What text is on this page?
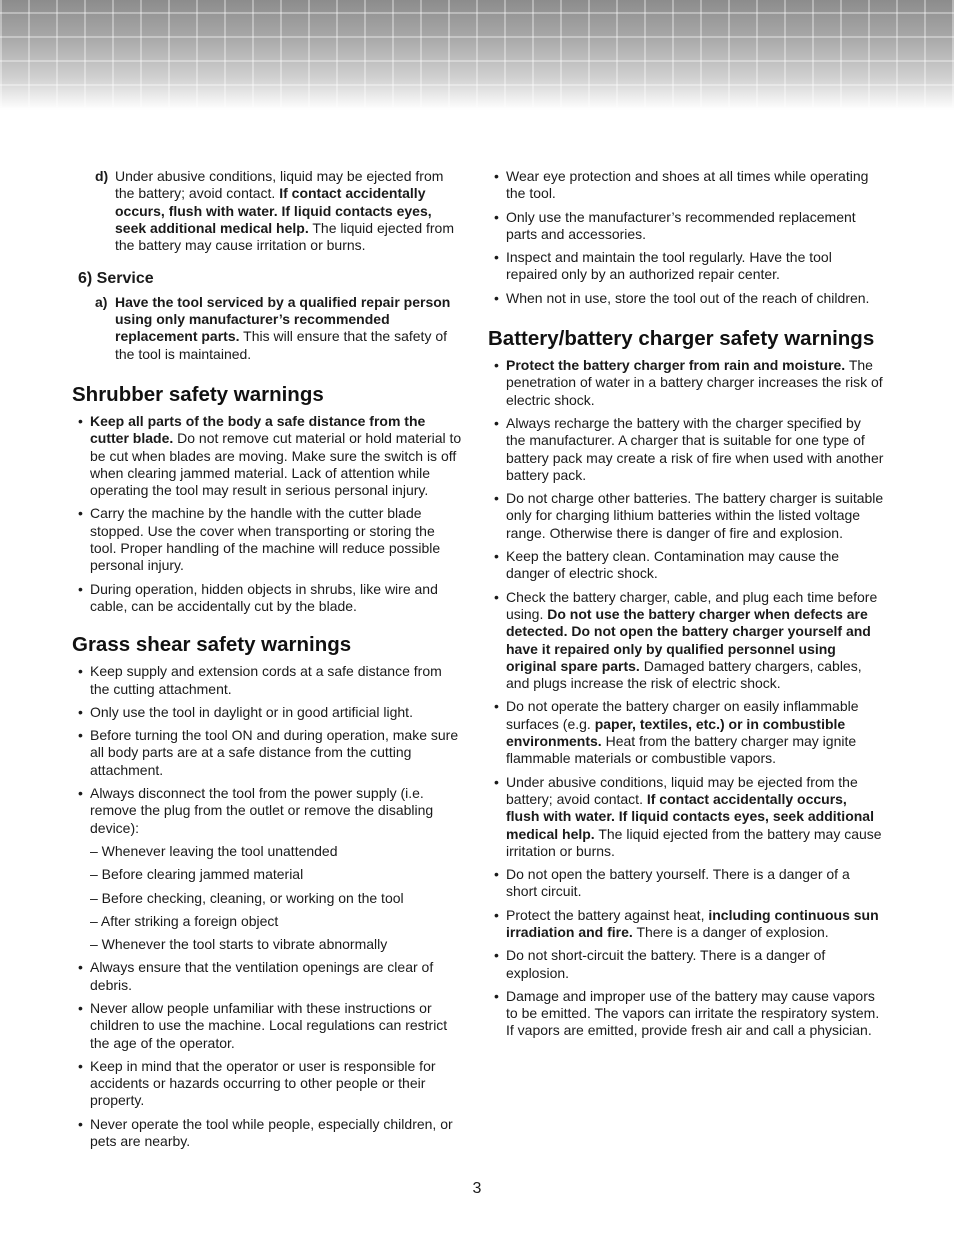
d) Under abusive conditions, liquid may be ejected from the battery; avoid contact. If contact accidentally occurs, flush with water. If liquid contacts eyes, seek additional medical help. The liquid ejected from the battery may cause irritation or burns.
6) Service
a) Have the tool serviced by a qualified repair person using only manufacturer’s recommended replacement parts. This will ensure that the safety of the tool is maintained.
Shrubber safety warnings
• Keep all parts of the body a safe distance from the cutter blade. Do not remove cut material or hold material to be cut when blades are moving. Make sure the switch is off when clearing jammed material. Lack of attention while operating the tool may result in serious personal injury.
• Carry the machine by the handle with the cutter blade stopped. Use the cover when transporting or storing the tool. Proper handling of the machine will reduce possible personal injury.
• During operation, hidden objects in shrubs, like wire and cable, can be accidentally cut by the blade.
Grass shear safety warnings
• Keep supply and extension cords at a safe distance from the cutting attachment.
• Only use the tool in daylight or in good artificial light.
• Before turning the tool ON and during operation, make sure all body parts are at a safe distance from the cutting attachment.
• Always disconnect the tool from the power supply (i.e. remove the plug from the outlet or remove the disabling device):
– Whenever leaving the tool unattended
– Before clearing jammed material
– Before checking, cleaning, or working on the tool
– After striking a foreign object
– Whenever the tool starts to vibrate abnormally
• Always ensure that the ventilation openings are clear of debris.
• Never allow people unfamiliar with these instructions or children to use the machine. Local regulations can restrict the age of the operator.
• Keep in mind that the operator or user is responsible for accidents or hazards occurring to other people or their property.
• Never operate the tool while people, especially children, or pets are nearby.
• Wear eye protection and shoes at all times while operating the tool.
• Only use the manufacturer’s recommended replacement parts and accessories.
• Inspect and maintain the tool regularly. Have the tool repaired only by an authorized repair center.
• When not in use, store the tool out of the reach of children.
Battery/battery charger safety warnings
• Protect the battery charger from rain and moisture. The penetration of water in a battery charger increases the risk of electric shock.
• Always recharge the battery with the charger specified by the manufacturer. A charger that is suitable for one type of battery pack may create a risk of fire when used with another battery pack.
• Do not charge other batteries. The battery charger is suitable only for charging lithium batteries within the listed voltage range. Otherwise there is danger of fire and explosion.
• Keep the battery clean. Contamination may cause the danger of electric shock.
• Check the battery charger, cable, and plug each time before using. Do not use the battery charger when defects are detected. Do not open the battery charger yourself and have it repaired only by qualified personnel using original spare parts. Damaged battery chargers, cables, and plugs increase the risk of electric shock.
• Do not operate the battery charger on easily inflammable surfaces (e.g. paper, textiles, etc.) or in combustible environments. Heat from the battery charger may ignite flammable materials or combustible vapors.
• Under abusive conditions, liquid may be ejected from the battery; avoid contact. If contact accidentally occurs, flush with water. If liquid contacts eyes, seek additional medical help. The liquid ejected from the battery may cause irritation or burns.
• Do not open the battery yourself. There is a danger of a short circuit.
• Protect the battery against heat, including continuous sun irradiation and fire. There is a danger of explosion.
• Do not short-circuit the battery. There is a danger of explosion.
• Damage and improper use of the battery may cause vapors to be emitted. The vapors can irritate the respiratory system. If vapors are emitted, provide fresh air and call a physician.
3
